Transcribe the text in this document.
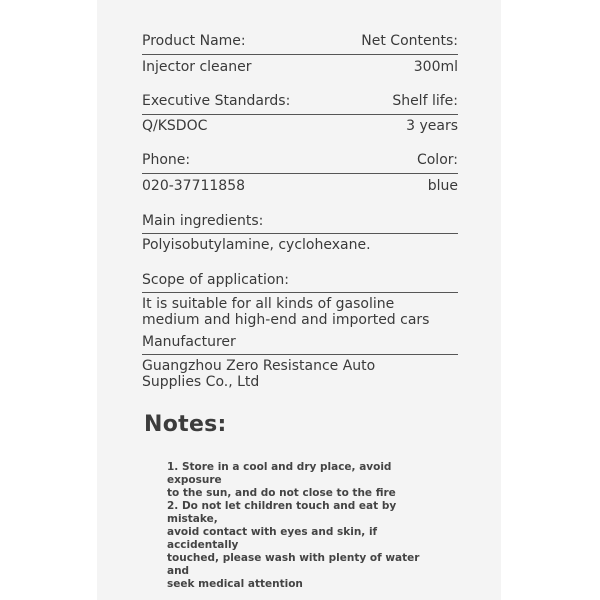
Product Name:	Net Contents:
Injector cleaner	300ml
Executive Standards:	Shelf life:
Q/KSDOC	3 years
Phone:	Color:
020-37711858	blue
Main ingredients:
Polyisobutylamine, cyclohexane.
Scope of application:
It is suitable for all kinds of gasoline
medium and high-end and imported cars
Manufacturer
Guangzhou Zero Resistance Auto
Supplies Co., Ltd
Notes:
1. Store in a cool and dry place, avoid exposure
to the sun, and do not close to the fire
2. Do not let children touch and eat by mistake,
avoid contact with eyes and skin, if accidentally
touched, please wash with plenty of water and
seek medical attention
